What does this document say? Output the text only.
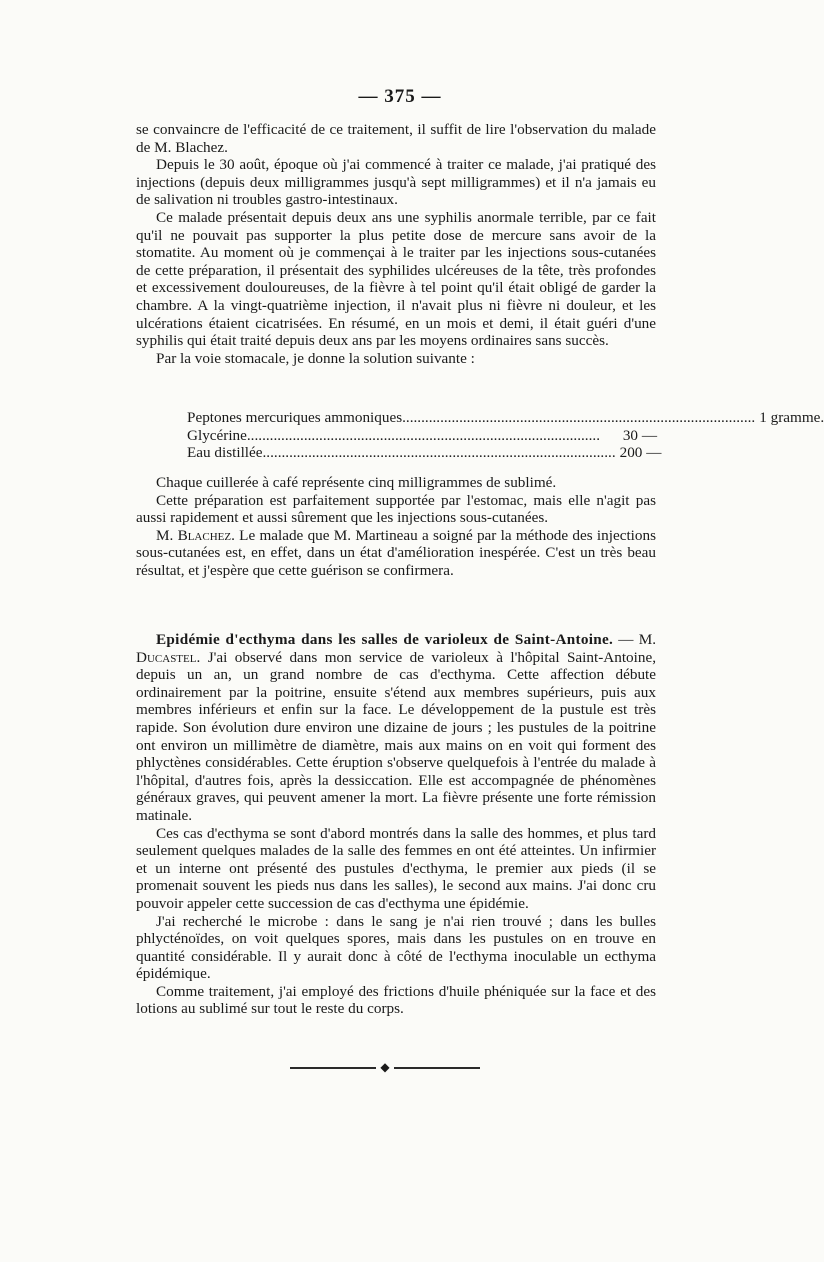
— 375 —

se convaincre de l'efficacité de ce traitement, il suffit de lire l'observation du malade de M. Blachez.

Depuis le 30 août, époque où j'ai commencé à traiter ce malade, j'ai pratiqué des injections (depuis deux milligrammes jusqu'à sept milligrammes) et il n'a jamais eu de salivation ni troubles gastro-intestinaux.

Ce malade présentait depuis deux ans une syphilis anormale terrible, par ce fait qu'il ne pouvait pas supporter la plus petite dose de mercure sans avoir de la stomatite. Au moment où je commençai à le traiter par les injections sous-cutanées de cette préparation, il présentait des syphilides ulcéreuses de la tête, très profondes et excessivement douloureuses, de la fièvre à tel point qu'il était obligé de garder la chambre. A la vingt-quatrième injection, il n'avait plus ni fièvre ni douleur, et les ulcérations étaient cicatrisées. En résumé, en un mois et demi, il était guéri d'une syphilis qui était traité depuis deux ans par les moyens ordinaires sans succès.

Par la voie stomacale, je donne la solution suivante :

Peptones mercuriques ammoniques ............................................................................................. 1 gramme.
Glycérine .............................................................................................	30 —
Eau distillée ............................................................................................. 200 —

Chaque cuillerée à café représente cinq milligrammes de sublimé.

Cette préparation est parfaitement supportée par l'estomac, mais elle n'agit pas aussi rapidement et aussi sûrement que les injections sous-cutanées.

M. Blachez. Le malade que M. Martineau a soigné par la méthode des injections sous-cutanées est, en effet, dans un état d'amélioration inespérée. C'est un très beau résultat, et j'espère que cette guérison se confirmera.

Epidémie d'ecthyma dans les salles de varioleux de Saint-Antoine. — M. Ducastel. J'ai observé dans mon service de varioleux à l'hôpital Saint-Antoine, depuis un an, un grand nombre de cas d'ecthyma. Cette affection débute ordinairement par la poitrine, ensuite s'étend aux membres supérieurs, puis aux membres inférieurs et enfin sur la face. Le développement de la pustule est très rapide. Son évolution dure environ une dizaine de jours ; les pustules de la poitrine ont environ un millimètre de diamètre, mais aux mains on en voit qui forment des phlyctènes considérables. Cette éruption s'observe quelquefois à l'entrée du malade à l'hôpital, d'autres fois, après la dessiccation. Elle est accompagnée de phénomènes généraux graves, qui peuvent amener la mort. La fièvre présente une forte rémission matinale.

Ces cas d'ecthyma se sont d'abord montrés dans la salle des hommes, et plus tard seulement quelques malades de la salle des femmes en ont été atteintes. Un infirmier et un interne ont présenté des pustules d'ecthyma, le premier aux pieds (il se promenait souvent les pieds nus dans les salles), le second aux mains. J'ai donc cru pouvoir appeler cette succession de cas d'ecthyma une épidémie.

J'ai recherché le microbe : dans le sang je n'ai rien trouvé ; dans les bulles phlycténoïdes, on voit quelques spores, mais dans les pustules on en trouve en quantité considérable. Il y aurait donc à côté de l'ecthyma inoculable un ecthyma épidémique.

Comme traitement, j'ai employé des frictions d'huile phéniquée sur la face et des lotions au sublimé sur tout le reste du corps.

◆
